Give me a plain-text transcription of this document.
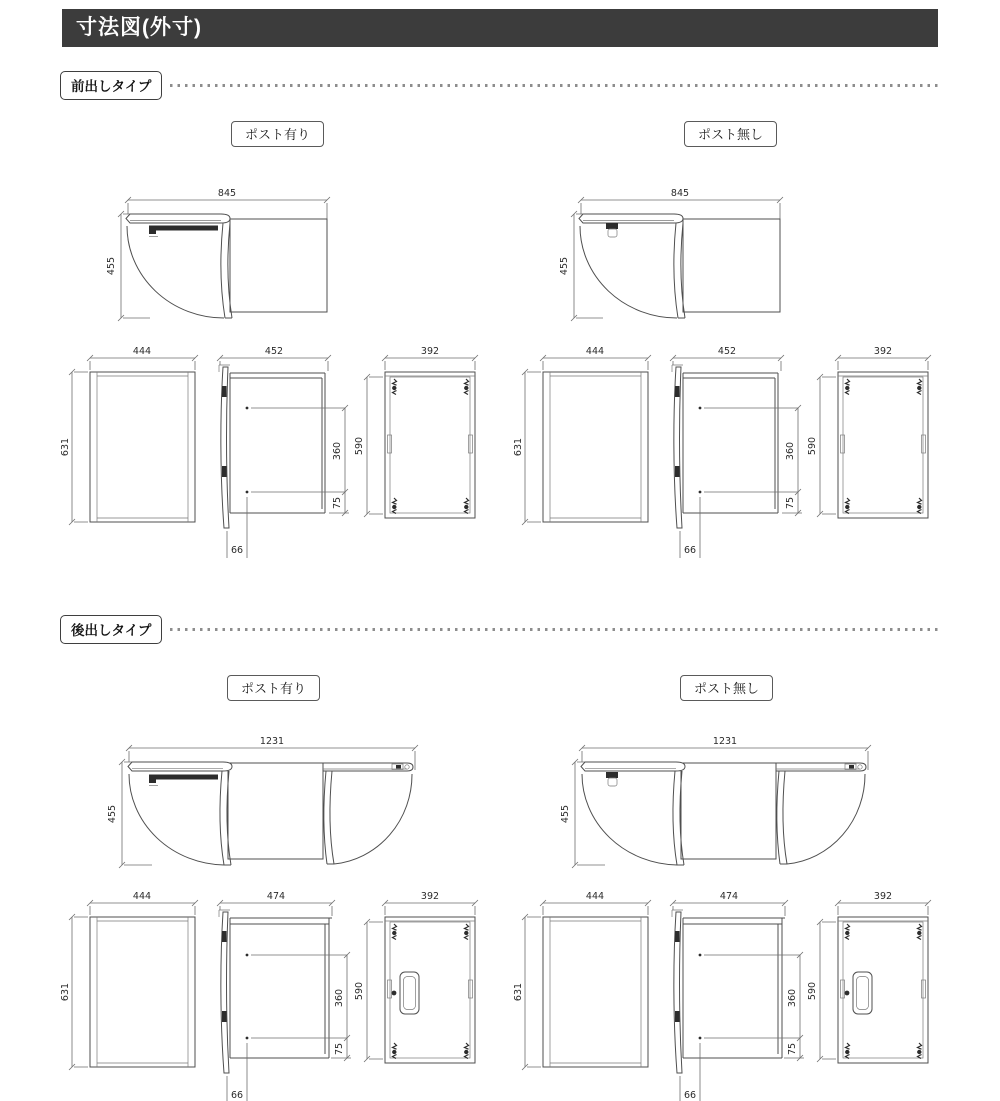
寸法図(外寸)
前出しタイプ
ポスト有り	ポスト無し
後出しタイプ
ポスト有り	ポスト無し
